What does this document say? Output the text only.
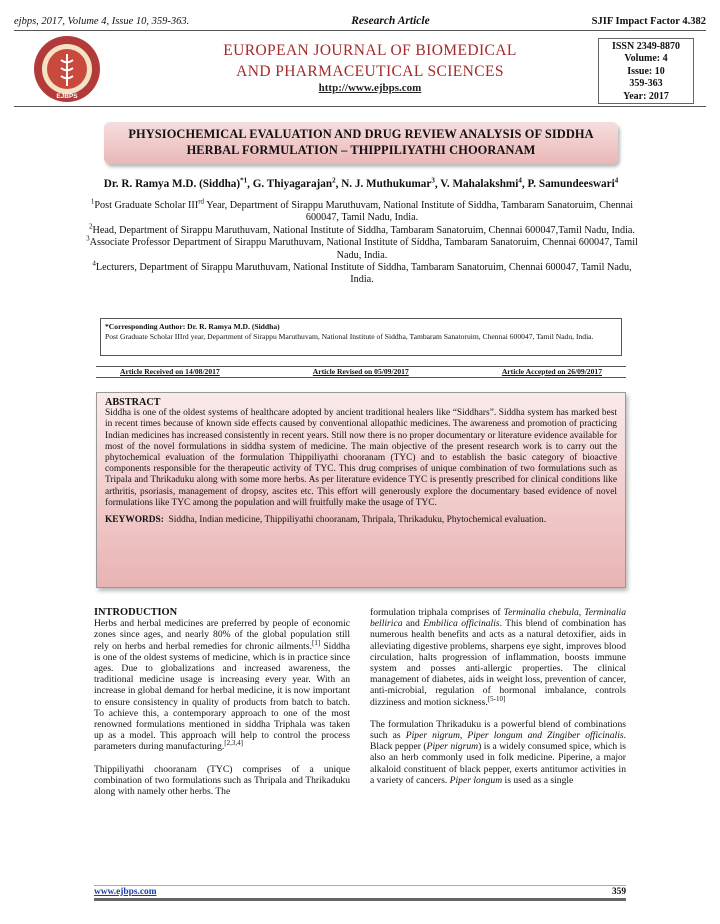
ejbps, 2017, Volume 4, Issue 10, 359-363.	Research Article	SJIF Impact Factor 4.382
EJBPS
EUROPEAN JOURNAL OF BIOMEDICAL
AND PHARMACEUTICAL SCIENCES
http://www.ejbps.com
ISSN 2349-8870
Volume: 4
Issue: 10
359-363
Year: 2017
PHYSIOCHEMICAL EVALUATION AND DRUG REVIEW ANALYSIS OF SIDDHA
HERBAL FORMULATION – THIPPILIYATHI CHOORANAM
Dr. R. Ramya M.D. (Siddha)$^{*1}$, G. Thiyagarajan$^2$, N. J. Muthukumar$^3$, V. Mahalakshmi$^4$, P. Samundeeswari$^4$

$^1$Post Graduate Scholar IIIrd Year, Department of Sirappu Maruthuvam, National Institute of Siddha, Tambaram Sanatoruim, Chennai 600047, Tamil Nadu, India.

$^2$Head, Department of Sirappu Maruthuvam, National Institute of Siddha, Tambaram Sanatoruim, Chennai 600047,Tamil Nadu, India.

$^3$Associate Professor Department of Sirappu Maruthuvam, National Institute of Siddha, Tambaram Sanatoruim, Chennai 600047, Tamil Nadu, India.

$^4$Lecturers, Department of Sirappu Maruthuvam, National Institute of Siddha, Tambaram Sanatoruim, Chennai 600047, Tamil Nadu, India.

*Corresponding Author: Dr. R. Ramya M.D. (Siddha)
Post Graduate Scholar IIIrd year, Department of Sirappu Maruthuvam, National Institute of Siddha, Tambaram Sanatoruim, Chennai 600047, Tamil Nadu, India.
Article Received on 14/08/2017	Article Revised on 05/09/2017	Article Accepted on 26/09/2017
ABSTRACT
Siddha is one of the oldest systems of healthcare adopted by ancient traditional healers like “Siddhars”. Siddha system has marked best in recent times because of known side effects caused by conventional allopathic medicines. The awareness and promotion of practicing Indian medicines has increased consistently in recent years. Still now there is no proper documentary or literature evidence available for most of the novel formulations in siddha system of medicine. The main objective of the present research work is to carry out the phytochemical evaluation of the formulation Thippiliyathi chooranam (TYC) and to establish the basic category of bioactive components responsible for the therapeutic activity of TYC. This drug comprises of unique combination of two formulations such as Tripala and Thrikaduku along with some more herbs. As per literature evidence TYC is presently prescribed for clinical conditions like arthritis, psoriasis, management of dropsy, ascites etc. This effort will generously explore the documentary based evidence of novel formulations like TYC among the population and will fruitfully make the usage of TYC.
KEYWORDS: Siddha, Indian medicine, Thippiliyathi chooranam, Thripala, Thrikaduku, Phytochemical evaluation.
INTRODUCTION

Herbs and herbal medicines are preferred by people of economic zones since ages, and nearly 80% of the global population still rely on herbs and herbal remedies for chronic ailments.[1] Siddha is one of the oldest systems of medicine, which is in practice since ages. Due to globalizations and increased awareness, the traditional medicine usage is increasing every year. With an increase in global demand for herbal medicine, it is now important to ensure consistency in quality of products from batch to batch. To achieve this, a contemporary approach to one of the most renowned formulations mentioned in siddha Triphala was taken up as a model. This approach will help to control the process parameters during manufacturing.[2,3,4]

Thippiliyathi chooranam (TYC) comprises of a unique combination of two formulations such as Thripala and Thrikaduku along with namely other herbs. The

formulation triphala comprises of Terminalia chebula, Terminalia bellirica and Embilica officinalis. This blend of combination has numerous health benefits and acts as a natural detoxifier, aids in alleviating digestive problems, sharpens eye sight, improves blood circulation, halts progression of inflammation, boosts immune system and posses anti-allergic properties. The clinical management of diabetes, aids in weight loss, prevention of cancer, anti-microbial, regulation of hormonal imbalance, controls dizziness and motion sickness.[5-10]

The formulation Thrikaduku is a powerful blend of combinations such as Piper nigrum, Piper longum and Zingiber officinalis. Black pepper (Piper nigrum) is a widely consumed spice, which is also an herb commonly used in folk medicine. Piperine, a major alkaloid constituent of black pepper, exerts antitumor activities in a variety of cancers. Piper longum is used as a single

www.ejbps.com	359
